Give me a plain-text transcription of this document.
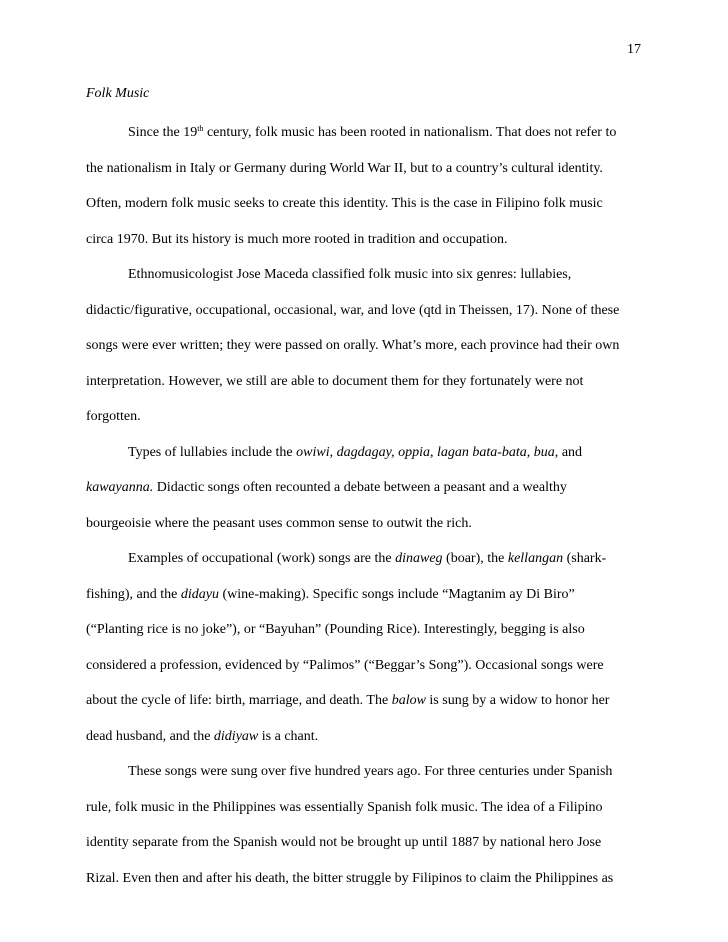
17
Folk Music
Since the 19th century, folk music has been rooted in nationalism. That does not refer to
the nationalism in Italy or Germany during World War II, but to a country’s cultural identity.
Often, modern folk music seeks to create this identity. This is the case in Filipino folk music
circa 1970. But its history is much more rooted in tradition and occupation.
Ethnomusicologist Jose Maceda classified folk music into six genres: lullabies,
didactic/figurative, occupational, occasional, war, and love (qtd in Theissen, 17). None of these
songs were ever written; they were passed on orally. What’s more, each province had their own
interpretation. However, we still are able to document them for they fortunately were not
forgotten.
Types of lullabies include the owiwi, dagdagay, oppia, lagan bata-bata, bua, and
kawayanna. Didactic songs often recounted a debate between a peasant and a wealthy
bourgeoisie where the peasant uses common sense to outwit the rich.
Examples of occupational (work) songs are the dinaweg (boar), the kellangan (shark-
fishing), and the didayu (wine-making). Specific songs include “Magtanim ay Di Biro”
(“Planting rice is no joke”), or “Bayuhan” (Pounding Rice). Interestingly, begging is also
considered a profession, evidenced by “Palimos” (“Beggar’s Song”). Occasional songs were
about the cycle of life: birth, marriage, and death. The balow is sung by a widow to honor her
dead husband, and the didiyaw is a chant.
These songs were sung over five hundred years ago. For three centuries under Spanish
rule, folk music in the Philippines was essentially Spanish folk music. The idea of a Filipino
identity separate from the Spanish would not be brought up until 1887 by national hero Jose
Rizal. Even then and after his death, the bitter struggle by Filipinos to claim the Philippines as
